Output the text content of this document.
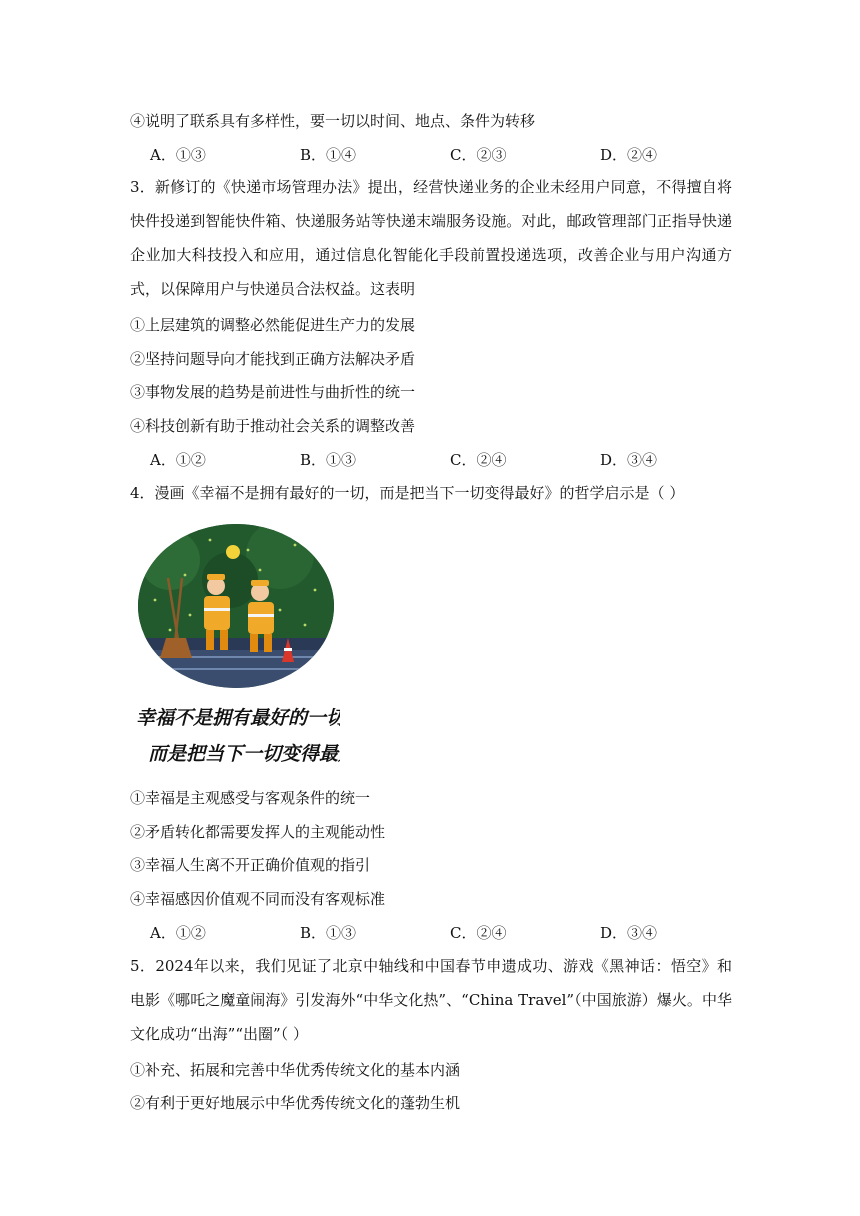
④说明了联系具有多样性，要一切以时间、地点、条件为转移
A．①③	B．①④	C．②③	D．②④
3．新修订的《快递市场管理办法》提出，经营快递业务的企业未经用户同意，不得擅自将快件投递到智能快件箱、快递服务站等快递末端服务设施。对此，邮政管理部门正指导快递企业加大科技投入和应用，通过信息化智能化手段前置投递选项，改善企业与用户沟通方式，以保障用户与快递员合法权益。这表明
①上层建筑的调整必然能促进生产力的发展
②坚持问题导向才能找到正确方法解决矛盾
③事物发展的趋势是前进性与曲折性的统一
④科技创新有助于推动社会关系的调整改善
A．①②	B．①③	C．②④	D．③④
4．漫画《幸福不是拥有最好的一切，而是把当下一切变得最好》的哲学启示是（ ）
幸福不是拥有最好的一切
而是把当下一切变得最好
①幸福是主观感受与客观条件的统一
②矛盾转化都需要发挥人的主观能动性
③幸福人生离不开正确价值观的指引
④幸福感因价值观不同而没有客观标准
A．①②	B．①③	C．②④	D．③④
5．2024年以来，我们见证了北京中轴线和中国春节申遗成功、游戏《黑神话：悟空》和电影《哪吒之魔童闹海》引发海外“中华文化热”、“China Travel”（中国旅游）爆火。中华文化成功“出海”“出圈”（ ）
①补充、拓展和完善中华优秀传统文化的基本内涵
②有利于更好地展示中华优秀传统文化的蓬勃生机
